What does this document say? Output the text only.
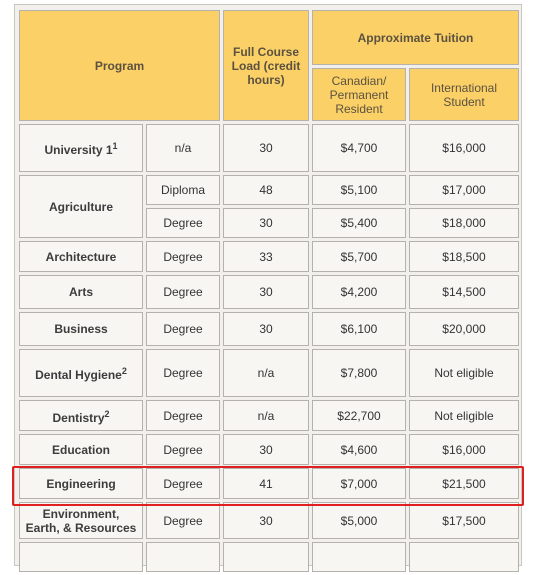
Program		Full Course Load (credit hours)	Approximate Tuition	
			Canadian/ Permanent Resident	International Student
University $1^1$	n/a	30	$4,700	$16,000
Agriculture	Diploma	48	$5,100	$17,000
	Degree	30	$5,400	$18,000
Architecture	Degree	33	$5,700	$18,500
Arts	Degree	30	$4,200	$14,500
Business	Degree	30	$6,100	$20,000
Dental Hygiene$^2$	Degree	n/a	$7,800	Not eligible
Dentistry$^2$	Degree	n/a	$22,700	Not eligible
Education	Degree	30	$4,600	$16,000
Engineering	Degree	41	$7,000	$21,500
Environment, Earth, & Resources	Degree	30	$5,000	$17,500
